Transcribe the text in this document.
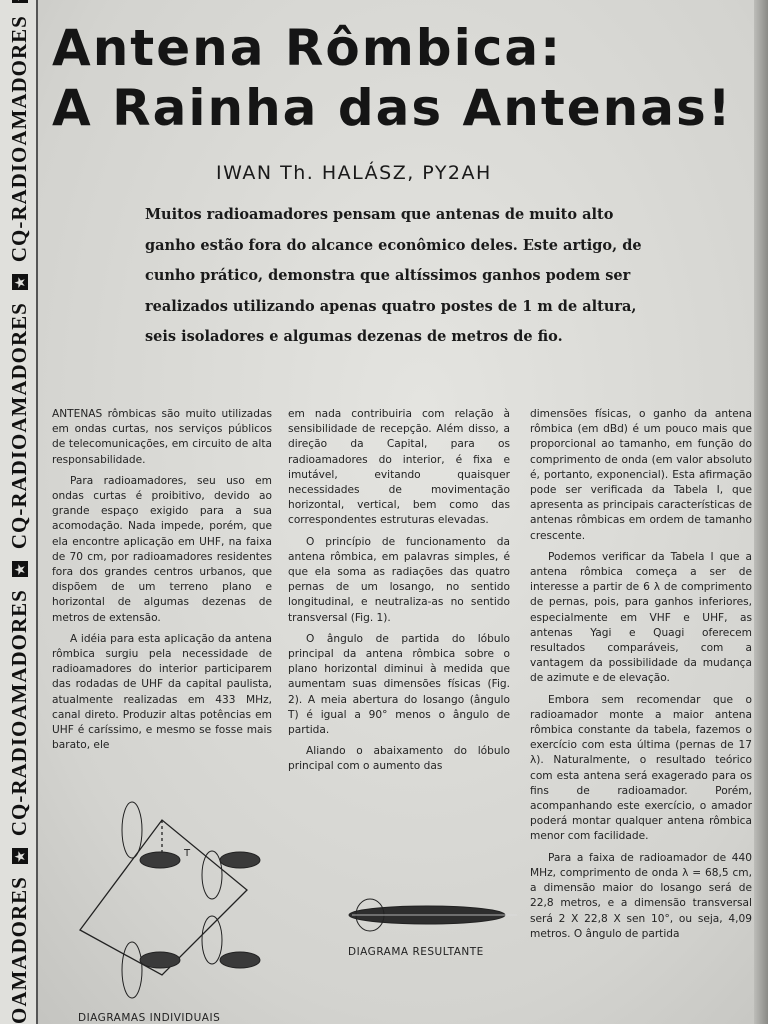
OAMADORES★CQ-RADIOAMADORES★CQ-RADIOAMADORES★CQ-RADIOAMADORES Antena Rômbica:
A Rainha das Antenas!
IWAN Th. HALÁSZ, PY2AH
Muitos radioamadores pensam que antenas de muito alto ganho estão fora do alcance econômico deles. Este artigo, de cunho prático, demonstra que altíssimos ganhos podem ser realizados utilizando apenas quatro postes de 1 m de altura, seis isoladores e algumas dezenas de metros de fio.

ANTENAS rômbicas são muito utilizadas em ondas curtas, nos serviços públicos de telecomunicações, em circuito de alta responsabilidade.

Para radioamadores, seu uso em ondas curtas é proibitivo, devido ao grande espaço exigido para a sua acomodação. Nada impede, porém, que ela encontre aplicação em UHF, na faixa de 70 cm, por radioamadores residentes fora dos grandes centros urbanos, que dispõem de um terreno plano e horizontal de algumas dezenas de metros de extensão.

A idéia para esta aplicação da antena rômbica surgiu pela necessidade de radioamadores do interior participarem das rodadas de UHF da capital paulista, atualmente realizadas em 433 MHz, canal direto. Produzir altas potências em UHF é caríssimo, e mesmo se fosse mais barato, ele

em nada contribuiria com relação à sensibilidade de recepção. Além disso, a direção da Capital, para os radioamadores do interior, é fixa e imutável, evitando quaisquer necessidades de movimentação horizontal, vertical, bem como das correspondentes estruturas elevadas.

O princípio de funcionamento da antena rômbica, em palavras simples, é que ela soma as radiações das quatro pernas de um losango, no sentido longitudinal, e neutraliza-as no sentido transversal (Fig. 1).

O ângulo de partida do lóbulo principal da antena rômbica sobre o plano horizontal diminui à medida que aumentam suas dimensões físicas (Fig. 2). A meia abertura do losango (ângulo T) é igual a 90° menos o ângulo de partida.

Aliando o abaixamento do lóbulo principal com o aumento das

dimensões físicas, o ganho da antena rômbica (em dBd) é um pouco mais que proporcional ao tamanho, em função do comprimento de onda (em valor absoluto é, portanto, exponencial). Esta afirmação pode ser verificada da Tabela I, que apresenta as principais características de antenas rômbicas em ordem de tamanho crescente.

Podemos verificar da Tabela I que a antena rômbica começa a ser de interesse a partir de 6 λ de comprimento de pernas, pois, para ganhos inferiores, especialmente em VHF e UHF, as antenas Yagi e Quagi oferecem resultados comparáveis, com a vantagem da possibilidade da mudança de azimute e de elevação.

Embora sem recomendar que o radioamador monte a maior antena rômbica constante da tabela, fazemos o exercício com esta última (pernas de 17 λ). Naturalmente, o resultado teórico com esta antena será exagerado para os fins de radioamador. Porém, acompanhando este exercício, o amador poderá montar qualquer antena rômbica menor com facilidade.

Para a faixa de radioamador de 440 MHz, comprimento de onda λ = 68,5 cm, a dimensão maior do losango será de 22,8 metros, e a dimensão transversal será 2 X 22,8 X sen 10°, ou seja, 4,09 metros. O ângulo de partida

T
DIAGRAMA RESULTANTE
DIAGRAMAS INDIVIDUAIS
